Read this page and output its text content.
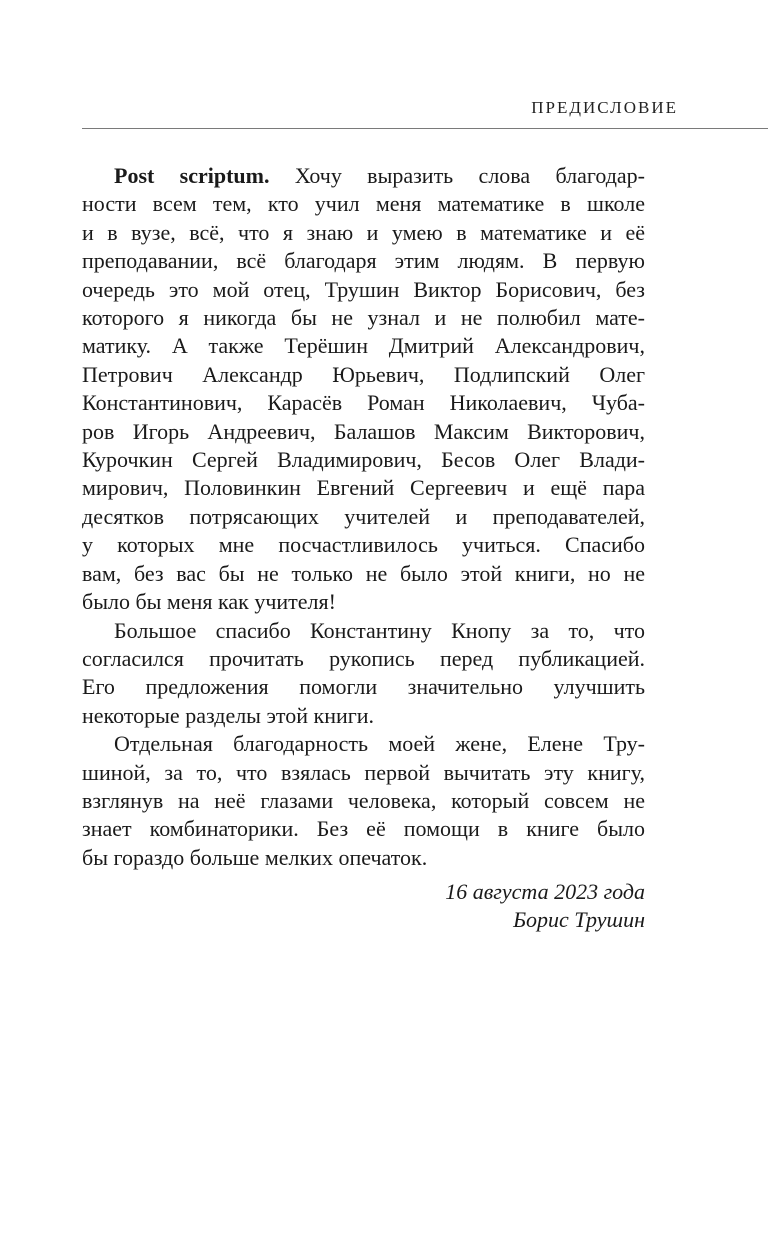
ПРЕДИСЛОВИЕ
Post scriptum. Хочу выразить слова благодар-
ности всем тем, кто учил меня математике в школе
и в вузе, всё, что я знаю и умею в математике и её
преподавании, всё благодаря этим людям. В первую
очередь это мой отец, Трушин Виктор Борисович, без
которого я никогда бы не узнал и не полюбил мате-
матику. А также Терёшин Дмитрий Александрович,
Петрович Александр Юрьевич, Подлипский Олег
Константинович, Карасёв Роман Николаевич, Чуба-
ров Игорь Андреевич, Балашов Максим Викторович,
Курочкин Сергей Владимирович, Бесов Олег Влади-
мирович, Половинкин Евгений Сергеевич и ещё пара
десятков потрясающих учителей и преподавателей,
у которых мне посчастливилось учиться. Спасибо
вам, без вас бы не только не было этой книги, но не
было бы меня как учителя!
Большое спасибо Константину Кнопу за то, что
согласился прочитать рукопись перед публикацией.
Его предложения помогли значительно улучшить
некоторые разделы этой книги.
Отдельная благодарность моей жене, Елене Тру-
шиной, за то, что взялась первой вычитать эту книгу,
взглянув на неё глазами человека, который совсем не
знает комбинаторики. Без её помощи в книге было
бы гораздо больше мелких опечаток.
16 августа 2023 года
Борис Трушин
